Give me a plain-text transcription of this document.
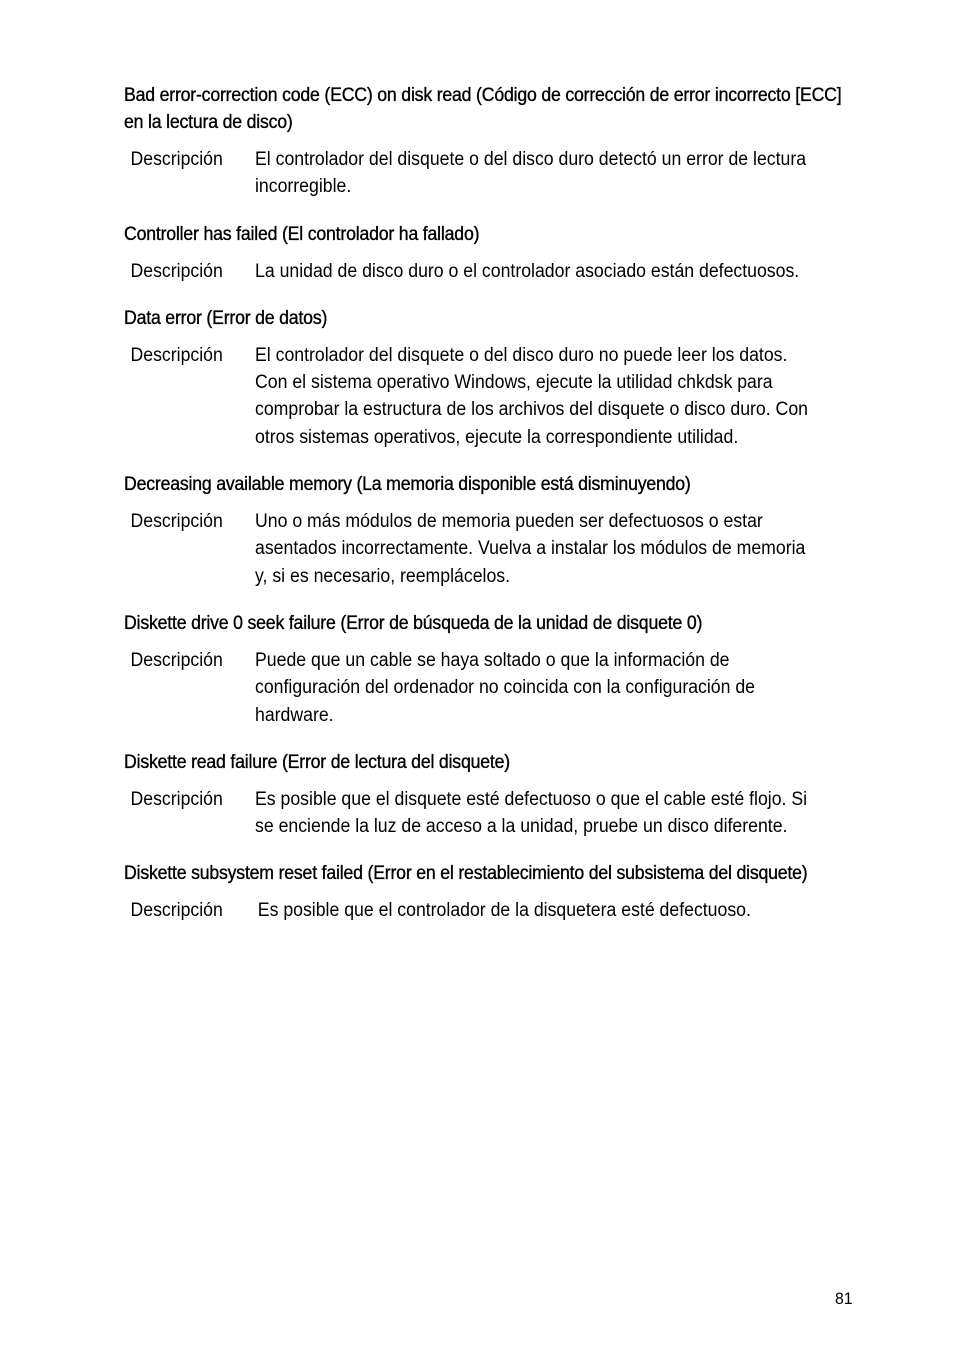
Bad error-correction code (ECC) on disk read (Código de corrección de error incorrecto [ECC] en la lectura de disco)
Descripción	El controlador del disquete o del disco duro detectó un error de lectura incorregible.
Controller has failed (El controlador ha fallado)
Descripción	La unidad de disco duro o el controlador asociado están defectuosos.
Data error (Error de datos)
Descripción	El controlador del disquete o del disco duro no puede leer los datos. Con el sistema operativo Windows, ejecute la utilidad chkdsk para comprobar la estructura de los archivos del disquete o disco duro. Con otros sistemas operativos, ejecute la correspondiente utilidad.
Decreasing available memory (La memoria disponible está disminuyendo)
Descripción	Uno o más módulos de memoria pueden ser defectuosos o estar asentados incorrectamente. Vuelva a instalar los módulos de memoria y, si es necesario, reemplácelos.
Diskette drive 0 seek failure (Error de búsqueda de la unidad de disquete 0)
Descripción	Puede que un cable se haya soltado o que la información de configuración del ordenador no coincida con la configuración de hardware.
Diskette read failure (Error de lectura del disquete)
Descripción	Es posible que el disquete esté defectuoso o que el cable esté flojo. Si se enciende la luz de acceso a la unidad, pruebe un disco diferente.
Diskette subsystem reset failed (Error en el restablecimiento del subsistema del disquete)
Descripción	Es posible que el controlador de la disquetera esté defectuoso.
81
